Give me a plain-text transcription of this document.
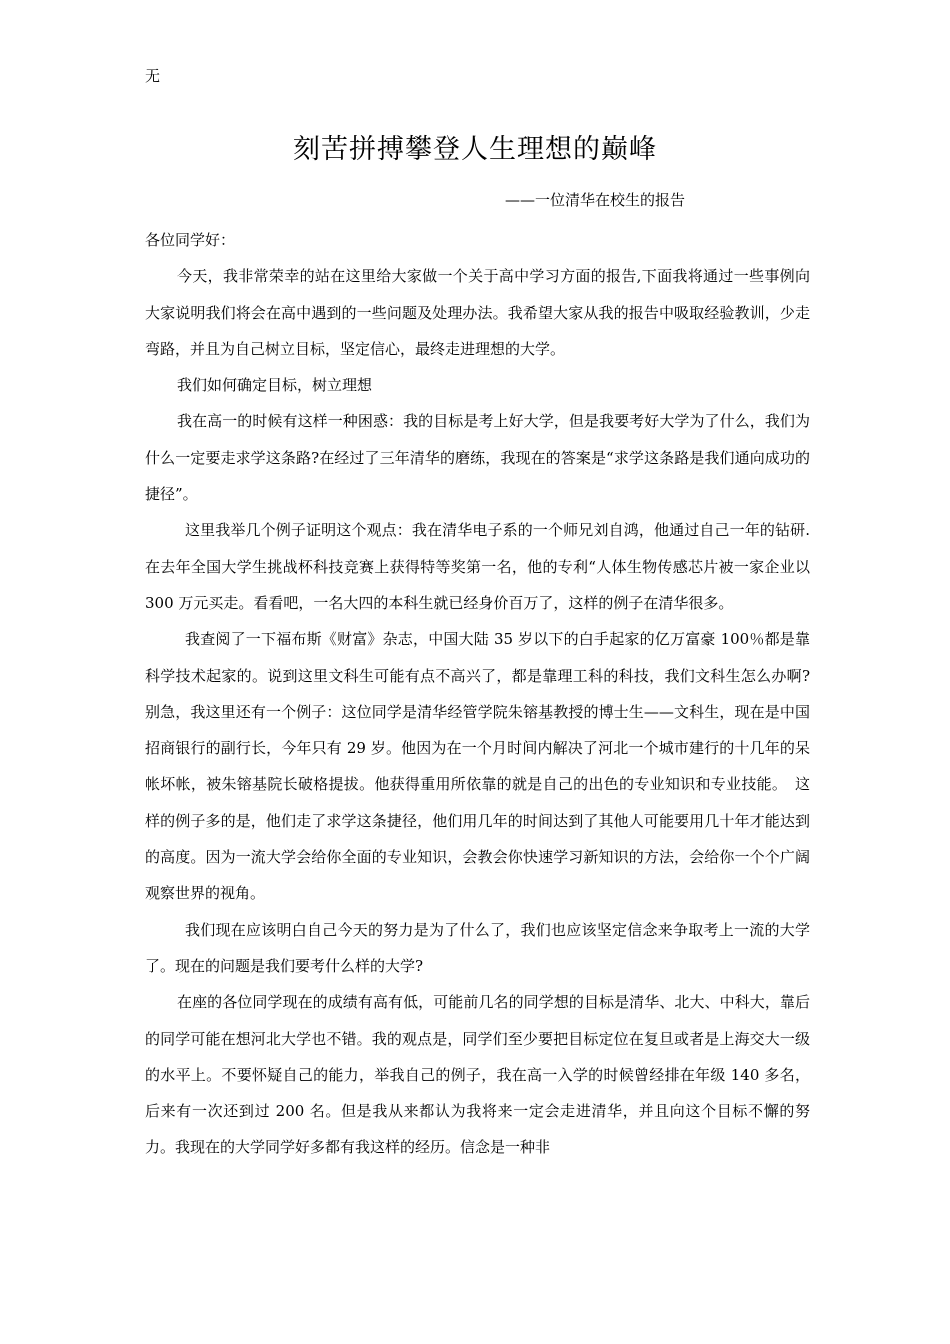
无
刻苦拼搏攀登人生理想的巅峰
——一位清华在校生的报告

各位同学好：

今天，我非常荣幸的站在这里给大家做一个关于高中学习方面的报告,下面我将通过一些事例向大家说明我们将会在高中遇到的一些问题及处理办法。我希望大家从我的报告中吸取经验教训，少走弯路，并且为自己树立目标，坚定信心，最终走进理想的大学。

我们如何确定目标，树立理想

我在高一的时候有这样一种困惑：我的目标是考上好大学，但是我要考好大学为了什么，我们为什么一定要走求学这条路?在经过了三年清华的磨练，我现在的答案是“求学这条路是我们通向成功的捷径”。

这里我举几个例子证明这个观点：我在清华电子系的一个师兄刘自鸿，他通过自己一年的钻研. 在去年全国大学生挑战杯科技竞赛上获得特等奖第一名，他的专利“人体生物传感芯片被一家企业以 300 万元买走。看看吧，一名大四的本科生就已经身价百万了，这样的例子在清华很多。

我查阅了一下福布斯《财富》杂志，中国大陆 35 岁以下的白手起家的亿万富豪 100％都是靠科学技术起家的。说到这里文科生可能有点不高兴了，都是靠理工科的科技，我们文科生怎么办啊?别急，我这里还有一个例子：这位同学是清华经管学院朱镕基教授的博士生——文科生，现在是中国招商银行的副行长，今年只有 29 岁。他因为在一个月时间内解决了河北一个城市建行的十几年的呆帐坏帐，被朱镕基院长破格提拔。他获得重用所依靠的就是自己的出色的专业知识和专业技能。　这样的例子多的是，他们走了求学这条捷径，他们用几年的时间达到了其他人可能要用几十年才能达到的高度。因为一流大学会给你全面的专业知识，会教会你快速学习新知识的方法，会给你一个个广阔观察世界的视角。

我们现在应该明白自己今天的努力是为了什么了，我们也应该坚定信念来争取考上一流的大学了。现在的问题是我们要考什么样的大学?

在座的各位同学现在的成绩有高有低，可能前几名的同学想的目标是清华、北大、中科大，靠后的同学可能在想河北大学也不错。我的观点是，同学们至少要把目标定位在复旦或者是上海交大一级的水平上。不要怀疑自己的能力，举我自己的例子，我在高一入学的时候曾经排在年级 140 多名，后来有一次还到过 200 名。但是我从来都认为我将来一定会走进清华，并且向这个目标不懈的努力。我现在的大学同学好多都有我这样的经历。信念是一种非
